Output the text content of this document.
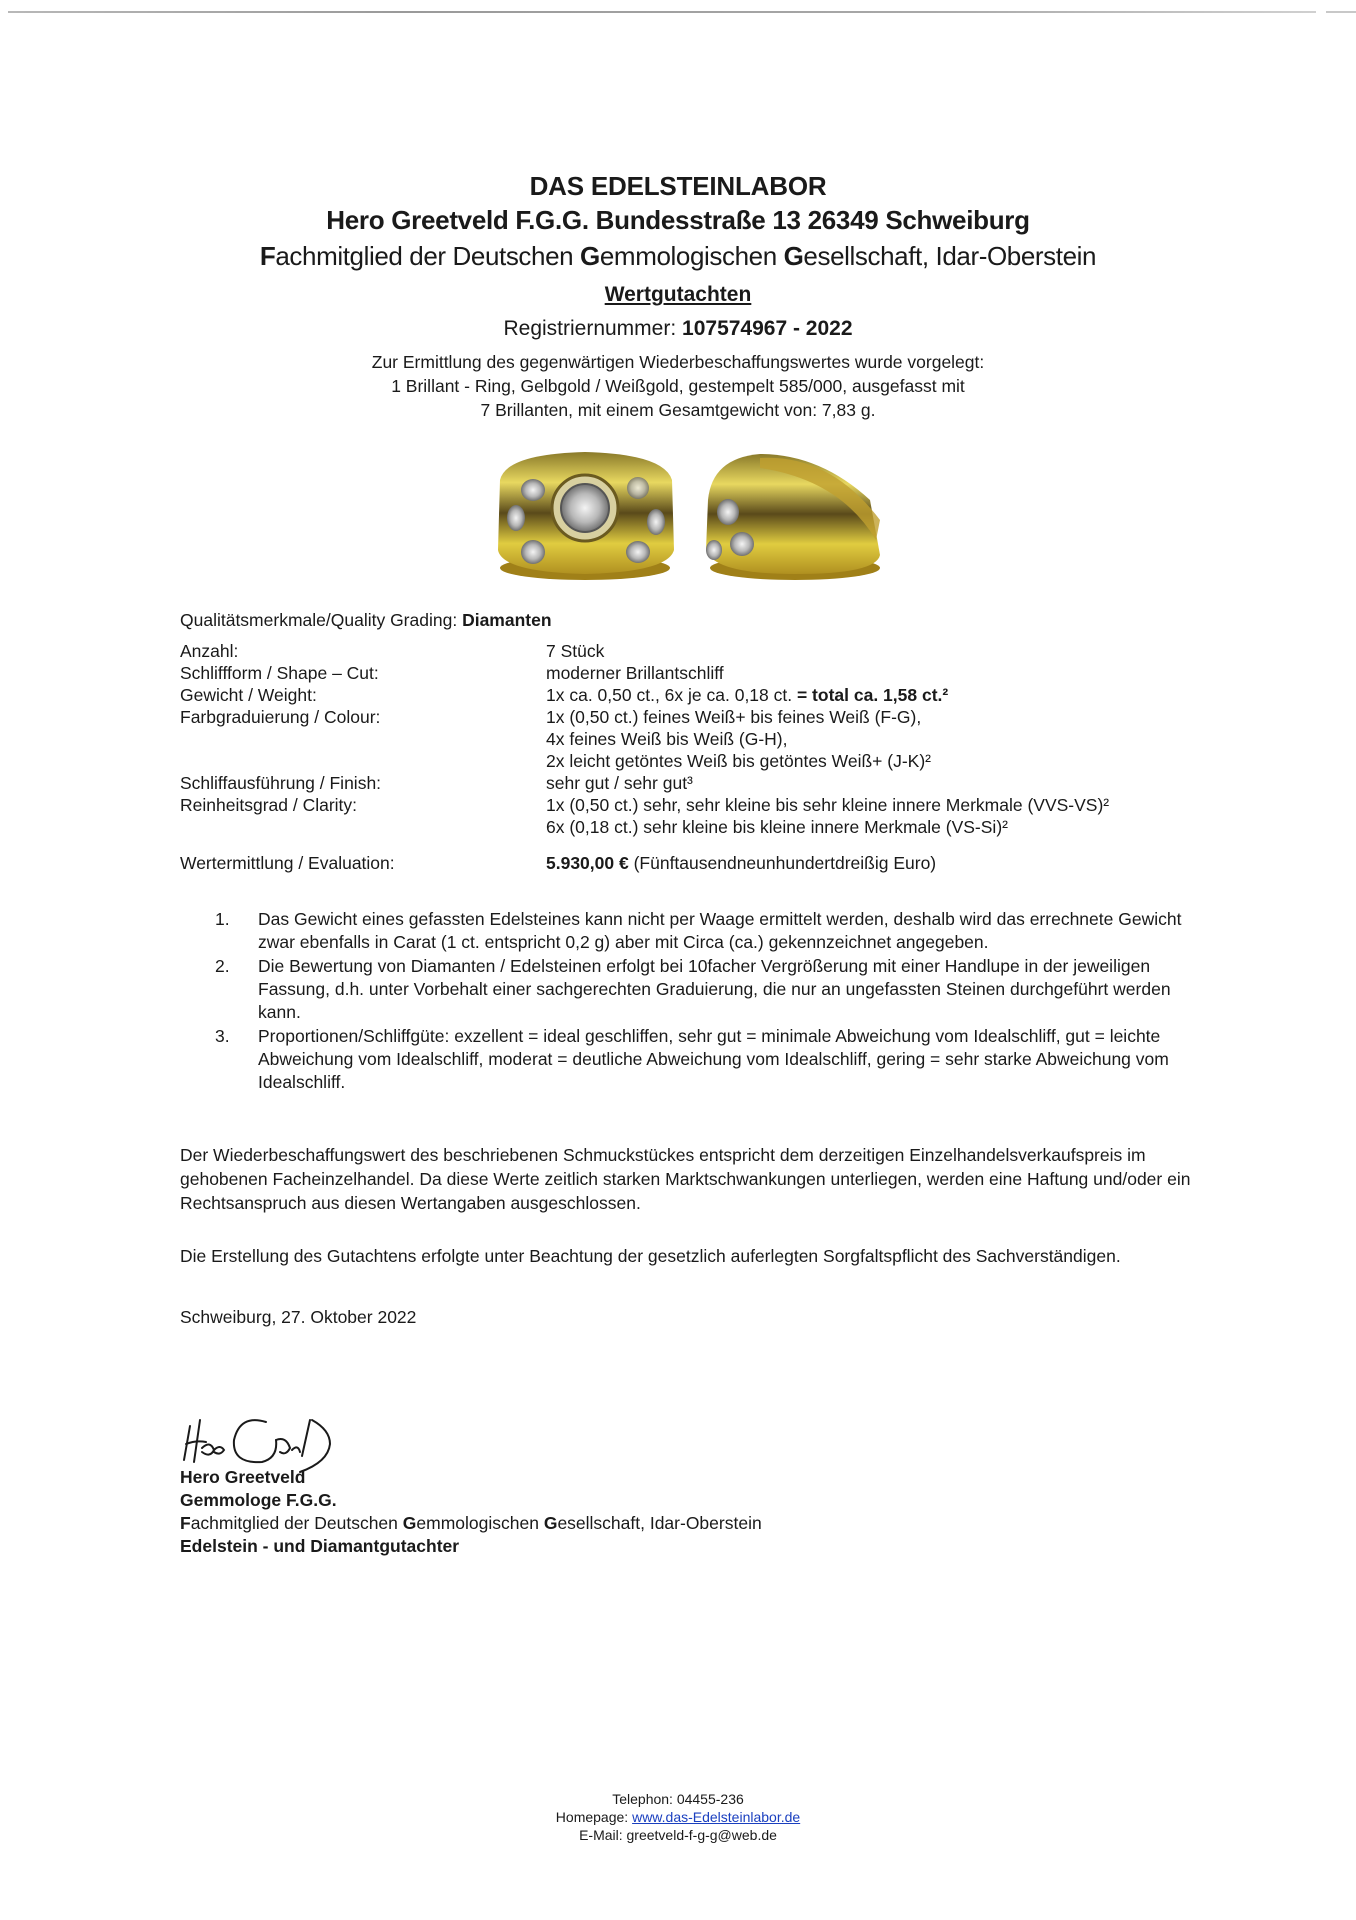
DAS EDELSTEINLABOR
Hero Greetveld F.G.G. Bundesstraße 13 26349 Schweiburg
Fachmitglied der Deutschen Gemmologischen Gesellschaft, Idar-Oberstein
Wertgutachten
Registriernummer: 107574967 - 2022
Zur Ermittlung des gegenwärtigen Wiederbeschaffungswertes wurde vorgelegt:
1 Brillant - Ring, Gelbgold / Weißgold, gestempelt 585/000, ausgefasst mit
7 Brillanten, mit einem Gesamtgewicht von: 7,83 g.
Qualitätsmerkmale/Quality Grading: Diamanten
Anzahl:	7 Stück
Schliffform / Shape – Cut:	moderner Brillantschliff
Gewicht / Weight:	1x ca. 0,50 ct., 6x je ca. 0,18 ct. = total ca. 1,58 ct.²
Farbgraduierung / Colour:	1x (0,50 ct.) feines Weiß+ bis feines Weiß (F-G),
4x feines Weiß bis Weiß (G-H),
2x leicht getöntes Weiß bis getöntes Weiß+ (J-K)²
Schliffausführung / Finish:	sehr gut / sehr gut³
Reinheitsgrad / Clarity:	1x (0,50 ct.) sehr, sehr kleine bis sehr kleine innere Merkmale (VVS-VS)²
6x (0,18 ct.) sehr kleine bis kleine innere Merkmale (VS-Si)²
Wertermittlung / Evaluation:	5.930,00 € (Fünftausendneunhundertdreißig Euro)
1.	Das Gewicht eines gefassten Edelsteines kann nicht per Waage ermittelt werden, deshalb wird das errechnete Gewicht zwar ebenfalls in Carat (1 ct. entspricht 0,2 g) aber mit Circa (ca.) gekennzeichnet angegeben.
2.	Die Bewertung von Diamanten / Edelsteinen erfolgt bei 10facher Vergrößerung mit einer Handlupe in der jeweiligen Fassung, d.h. unter Vorbehalt einer sachgerechten Graduierung, die nur an ungefassten Steinen durchgeführt werden kann.
3.	Proportionen/Schliffgüte: exzellent = ideal geschliffen, sehr gut = minimale Abweichung vom Idealschliff, gut = leichte Abweichung vom Idealschliff, moderat = deutliche Abweichung vom Idealschliff, gering = sehr starke Abweichung vom Idealschliff.
Der Wiederbeschaffungswert des beschriebenen Schmuckstückes entspricht dem derzeitigen Einzelhandelsverkaufspreis im gehobenen Facheinzelhandel. Da diese Werte zeitlich starken Marktschwankungen unterliegen, werden eine Haftung und/oder ein Rechtsanspruch aus diesen Wertangaben ausgeschlossen.
Die Erstellung des Gutachtens erfolgte unter Beachtung der gesetzlich auferlegten Sorgfaltspflicht des Sachverständigen.
Schweiburg, 27. Oktober 2022
Hero Greetveld
Gemmologe F.G.G.
Fachmitglied der Deutschen Gemmologischen Gesellschaft, Idar-Oberstein
Edelstein - und Diamantgutachter
Telephon: 04455-236
Homepage: www.das-Edelsteinlabor.de
E-Mail: greetveld-f-g-g@web.de
